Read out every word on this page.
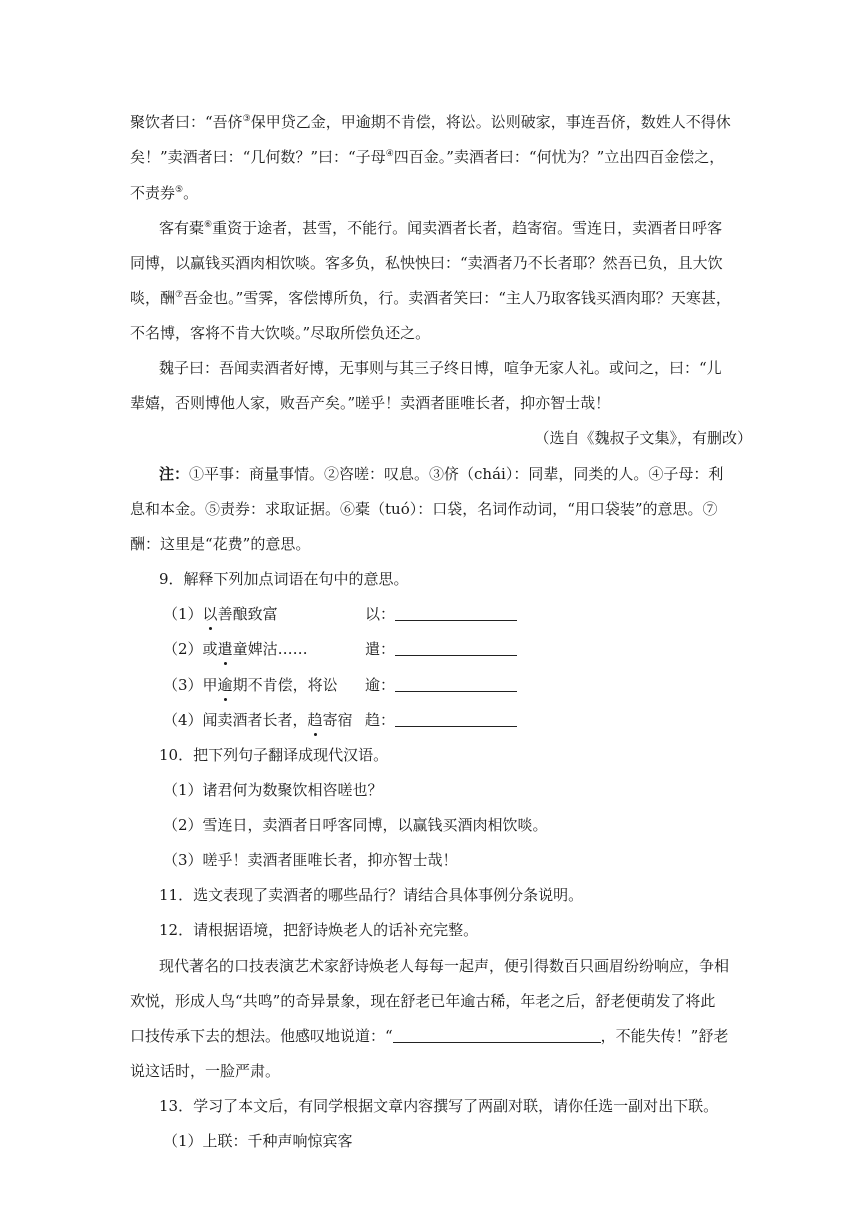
聚饮者曰：“吾侪③保甲贷乙金，甲逾期不肯偿，将讼。讼则破家，事连吾侪，数姓人不得休
矣！”卖酒者曰：“几何数？”曰：“子母④四百金。”卖酒者曰：“何忧为？”立出四百金偿之，
不责券⑤。
客有橐⑥重资于途者，甚雪，不能行。闻卖酒者长者，趋寄宿。雪连日，卖酒者日呼客
同博，以赢钱买酒肉相饮啖。客多负，私怏怏曰：“卖酒者乃不长者耶？然吾已负，且大饮
啖，酬⑦吾金也。”雪霁，客偿博所负，行。卖酒者笑曰：“主人乃取客钱买酒肉耶？天寒甚，
不名博，客将不肯大饮啖。”尽取所偿负还之。
魏子曰：吾闻卖酒者好博，无事则与其三子终日博，喧争无家人礼。或问之，曰：“儿
辈嬉，否则博他人家，败吾产矣。”嗟乎！卖酒者匪唯长者，抑亦智士哉！
（选自《魏叔子文集》，有删改）
注：①平事：商量事情。②咨嗟：叹息。③侪（chái）：同辈，同类的人。④子母：利
息和本金。⑤责券：求取证据。⑥橐（tuó）：口袋，名词作动词，“用口袋装”的意思。⑦
酬：这里是“花费”的意思。
9．解释下列加点词语在句中的意思。
（1）以善酿致富	以：
（2）或遣童婢沽……	遣：
（3）甲逾期不肯偿，将讼 逾：
（4）闻卖酒者长者，趋寄宿 趋：
10．把下列句子翻译成现代汉语。
（1）诸君何为数聚饮相咨嗟也？
（2）雪连日，卖酒者日呼客同博，以赢钱买酒肉相饮啖。
（3）嗟乎！卖酒者匪唯长者，抑亦智士哉！
11．选文表现了卖酒者的哪些品行？请结合具体事例分条说明。
12．请根据语境，把舒诗焕老人的话补充完整。
现代著名的口技表演艺术家舒诗焕老人每每一起声，便引得数百只画眉纷纷响应，争相
欢悦，形成人鸟“共鸣”的奇异景象，现在舒老已年逾古稀，年老之后，舒老便萌发了将此
口技传承下去的想法。他感叹地说道：“	，不能失传！”舒老
说这话时，一脸严肃。
13．学习了本文后，有同学根据文章内容撰写了两副对联，请你任选一副对出下联。
（1）上联：千种声响惊宾客
